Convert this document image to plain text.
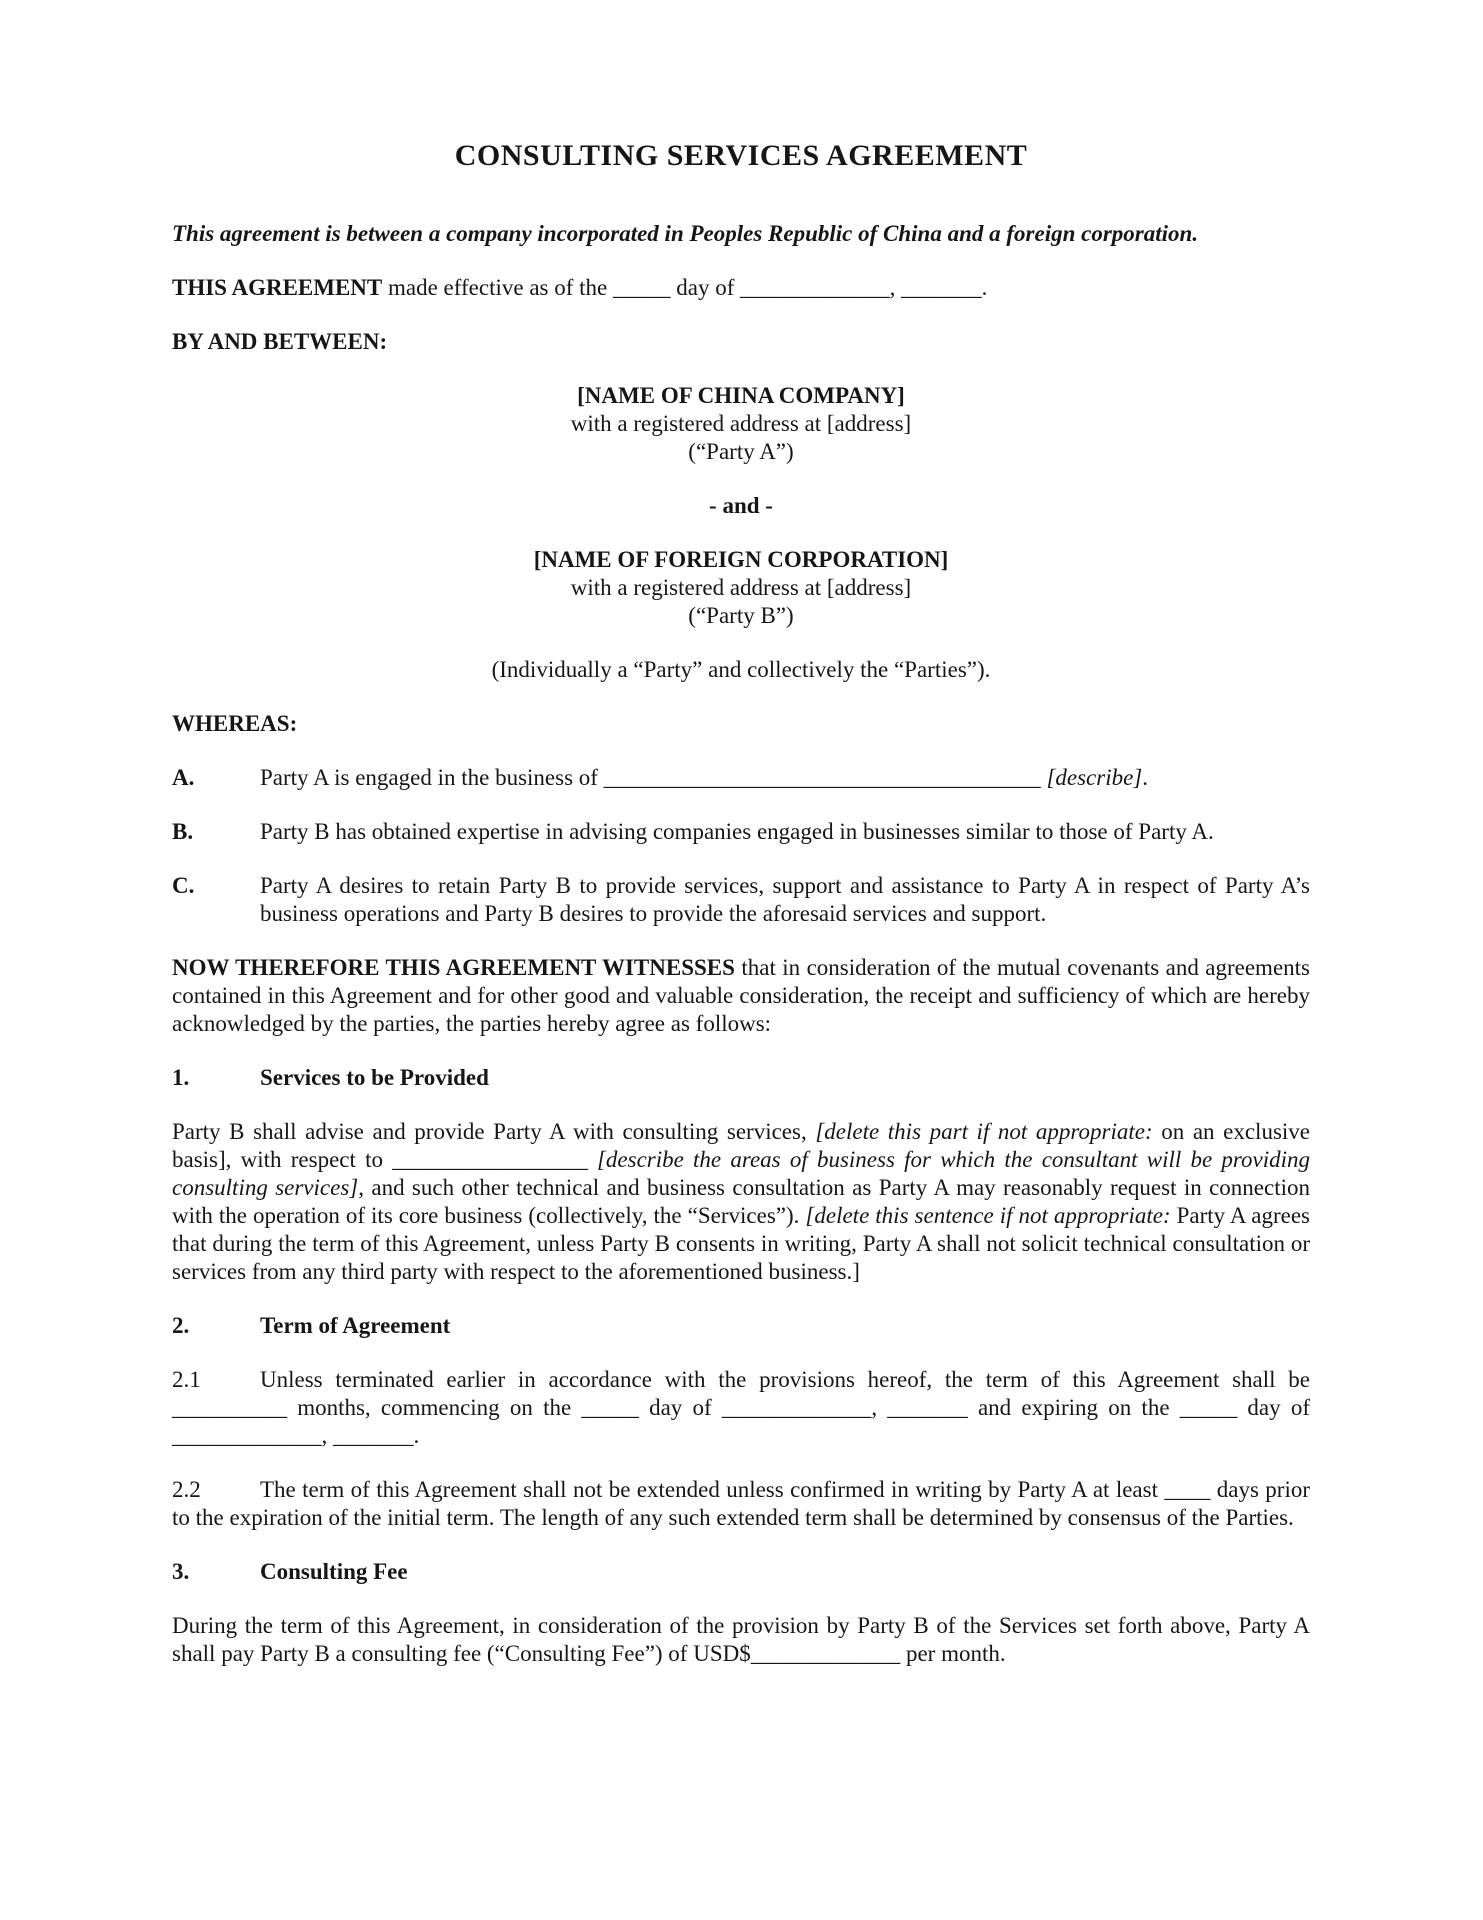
CONSULTING SERVICES AGREEMENT

This agreement is between a company incorporated in Peoples Republic of China and a foreign corporation.

THIS AGREEMENT made effective as of the _____ day of _____________, _______.

BY AND BETWEEN:

[NAME OF CHINA COMPANY]
with a registered address at [address]
(“Party A”)
- and -
[NAME OF FOREIGN CORPORATION]
with a registered address at [address]
(“Party B”)
(Individually a “Party” and collectively the “Parties”).

WHEREAS:

A.	Party A is engaged in the business of ______________________________________ [describe].
B.	Party B has obtained expertise in advising companies engaged in businesses similar to those of Party A.
C.	Party A desires to retain Party B to provide services, support and assistance to Party A in respect of Party A’s business operations and Party B desires to provide the aforesaid services and support.

NOW THEREFORE THIS AGREEMENT WITNESSES that in consideration of the mutual covenants and agreements contained in this Agreement and for other good and valuable consideration, the receipt and sufficiency of which are hereby acknowledged by the parties, the parties hereby agree as follows:

1.	Services to be Provided

Party B shall advise and provide Party A with consulting services, [delete this part if not appropriate: on an exclusive basis], with respect to _________________ [describe the areas of business for which the consultant will be providing consulting services], and such other technical and business consultation as Party A may reasonably request in connection with the operation of its core business (collectively, the “Services”). [delete this sentence if not appropriate: Party A agrees that during the term of this Agreement, unless Party B consents in writing, Party A shall not solicit technical consultation or services from any third party with respect to the aforementioned business.]

2.	Term of Agreement

2.1	Unless terminated earlier in accordance with the provisions hereof, the term of this Agreement shall be __________ months, commencing on the _____ day of _____________, _______ and expiring on the _____ day of _____________, _______.

2.2	The term of this Agreement shall not be extended unless confirmed in writing by Party A at least ____ days prior to the expiration of the initial term. The length of any such extended term shall be determined by consensus of the Parties.

3.	Consulting Fee

During the term of this Agreement, in consideration of the provision by Party B of the Services set forth above, Party A shall pay Party B a consulting fee (“Consulting Fee”) of USD$_____________ per month.
